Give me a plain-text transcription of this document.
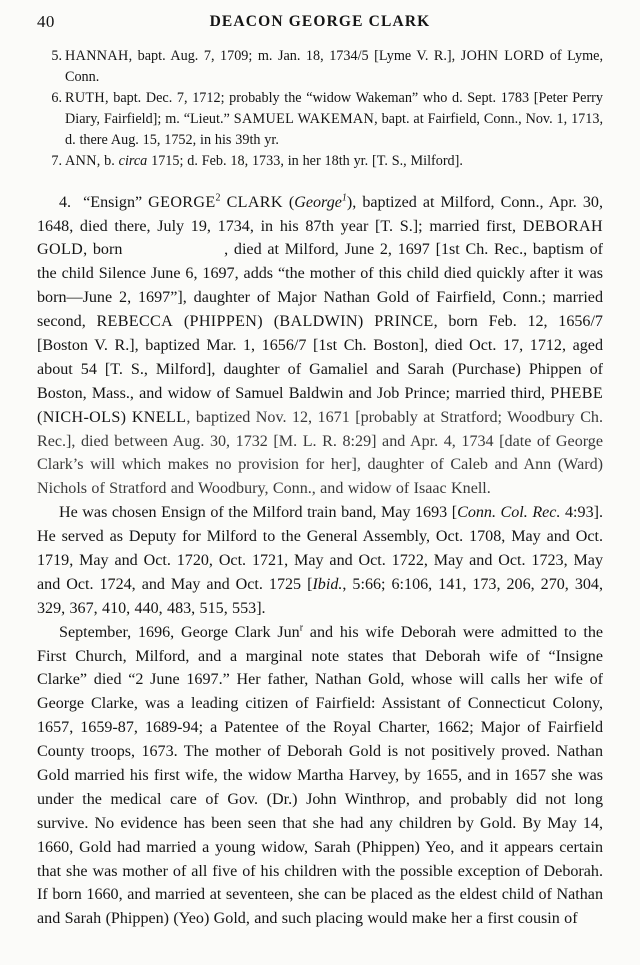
40	DEACON GEORGE CLARK
5. HANNAH, bapt. Aug. 7, 1709; m. Jan. 18, 1734/5 [Lyme V. R.], JOHN LORD of Lyme, Conn.

6. RUTH, bapt. Dec. 7, 1712; probably the “widow Wakeman” who d. Sept. 1783 [Peter Perry Diary, Fairfield]; m. “Lieut.” SAMUEL WAKEMAN, bapt. at Fairfield, Conn., Nov. 1, 1713, d. there Aug. 15, 1752, in his 39th yr.

7. ANN, b. circa 1715; d. Feb. 18, 1733, in her 18th yr. [T. S., Milford].

4. “Ensign” GEORGE$^2$ CLARK (George$^1$), baptized at Milford, Conn., Apr. 30, 1648, died there, July 19, 1734, in his 87th year [T. S.]; married first, DEBORAH GOLD, born	, died at Milford, June 2, 1697 [1st Ch. Rec., baptism of the child Silence June 6, 1697, adds “the mother of this child died quickly after it was born—June 2, 1697”], daughter of Major Nathan Gold of Fairfield, Conn.; married second, REBECCA (PHIPPEN) (BALDWIN) PRINCE, born Feb. 12, 1656/7 [Boston V. R.], baptized Mar. 1, 1656/7 [1st Ch. Boston], died Oct. 17, 1712, aged about 54 [T. S., Milford], daughter of Gamaliel and Sarah (Purchase) Phippen of Boston, Mass., and widow of Samuel Baldwin and Job Prince; married third, PHEBE (NICH-OLS) KNELL, baptized Nov. 12, 1671 [probably at Stratford; Woodbury Ch. Rec.], died between Aug. 30, 1732 [M. L. R. 8:29] and Apr. 4, 1734 [date of George Clark’s will which makes no provision for her], daughter of Caleb and Ann (Ward) Nichols of Stratford and Woodbury, Conn., and widow of Isaac Knell.

He was chosen Ensign of the Milford train band, May 1693 [Conn. Col. Rec. 4:93]. He served as Deputy for Milford to the General Assembly, Oct. 1708, May and Oct. 1719, May and Oct. 1720, Oct. 1721, May and Oct. 1722, May and Oct. 1723, May and Oct. 1724, and May and Oct. 1725 [Ibid., 5:66; 6:106, 141, 173, 206, 270, 304, 329, 367, 410, 440, 483, 515, 553].

September, 1696, George Clark Jun$^r$ and his wife Deborah were admitted to the First Church, Milford, and a marginal note states that Deborah wife of “Insigne Clarke” died “2 June 1697.” Her father, Nathan Gold, whose will calls her wife of George Clarke, was a leading citizen of Fairfield: Assistant of Connecticut Colony, 1657, 1659-87, 1689-94; a Patentee of the Royal Charter, 1662; Major of Fairfield County troops, 1673. The mother of Deborah Gold is not positively proved. Nathan Gold married his first wife, the widow Martha Harvey, by 1655, and in 1657 she was under the medical care of Gov. (Dr.) John Winthrop, and probably did not long survive. No evidence has been seen that she had any children by Gold. By May 14, 1660, Gold had married a young widow, Sarah (Phippen) Yeo, and it appears certain that she was mother of all five of his children with the possible exception of Deborah. If born 1660, and married at seventeen, she can be placed as the eldest child of Nathan and Sarah (Phippen) (Yeo) Gold, and such placing would make her a first cousin of
